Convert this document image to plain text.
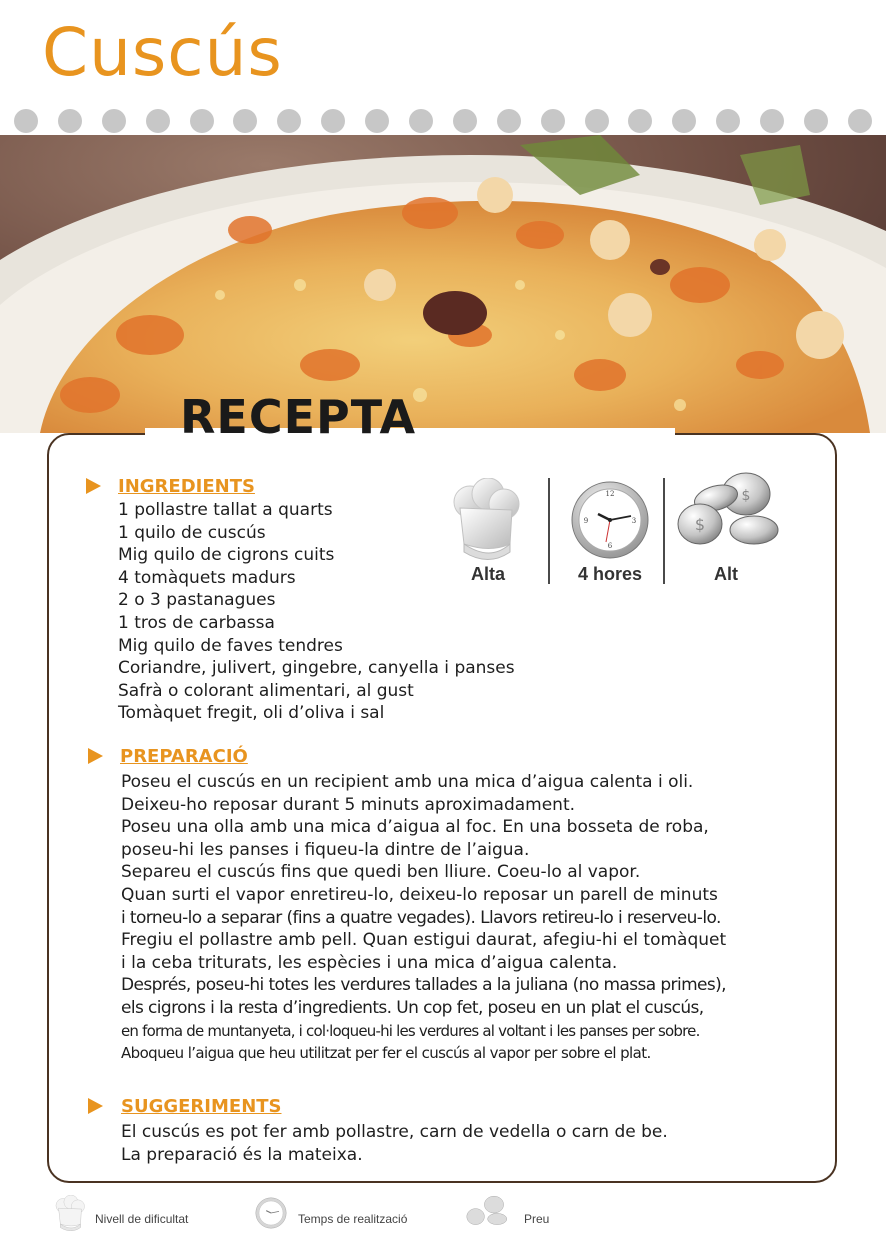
Cuscús
RECEPTA
INGREDIENTS
1 pollastre tallat a quarts
1 quilo de cuscús
Mig quilo de cigrons cuits
4 tomàquets madurs
2 o 3 pastanagues
1 tros de carbassa
Mig quilo de faves tendres
Coriandre, julivert, gingebre, canyella i panses
Safrà o colorant alimentari, al gust
Tomàquet fregit, oli d’oliva i sal
Alta
12
3
6
9
4 hores
$
$
Alt
PREPARACIÓ
Poseu el cuscús en un recipient amb una mica d’aigua calenta i oli.
Deixeu-ho reposar durant 5 minuts aproximadament.
Poseu una olla amb una mica d’aigua al foc. En una bosseta de roba,
poseu-hi les panses i fiqueu-la dintre de l’aigua.
Separeu el cuscús fins que quedi ben lliure. Coeu-lo al vapor.
Quan surti el vapor enretireu-lo, deixeu-lo reposar un parell de minuts
i torneu-lo a separar (fins a quatre vegades). Llavors retireu-lo i reserveu-lo.
Fregiu el pollastre amb pell. Quan estigui daurat, afegiu-hi el tomàquet
i la ceba triturats, les espècies i una mica d’aigua calenta.
Després, poseu-hi totes les verdures tallades a la juliana (no massa primes),
els cigrons i la resta d’ingredients. Un cop fet, poseu en un plat el cuscús,
en forma de muntanyeta, i col·loqueu-hi les verdures al voltant i les panses per sobre.
Aboqueu l’aigua que heu utilitzat per fer el cuscús al vapor per sobre el plat.
SUGGERIMENTS
El cuscús es pot fer amb pollastre, carn de vedella o carn de be.
La preparació és la mateixa.
Nivell de dificultat	Temps de realització	Preu
